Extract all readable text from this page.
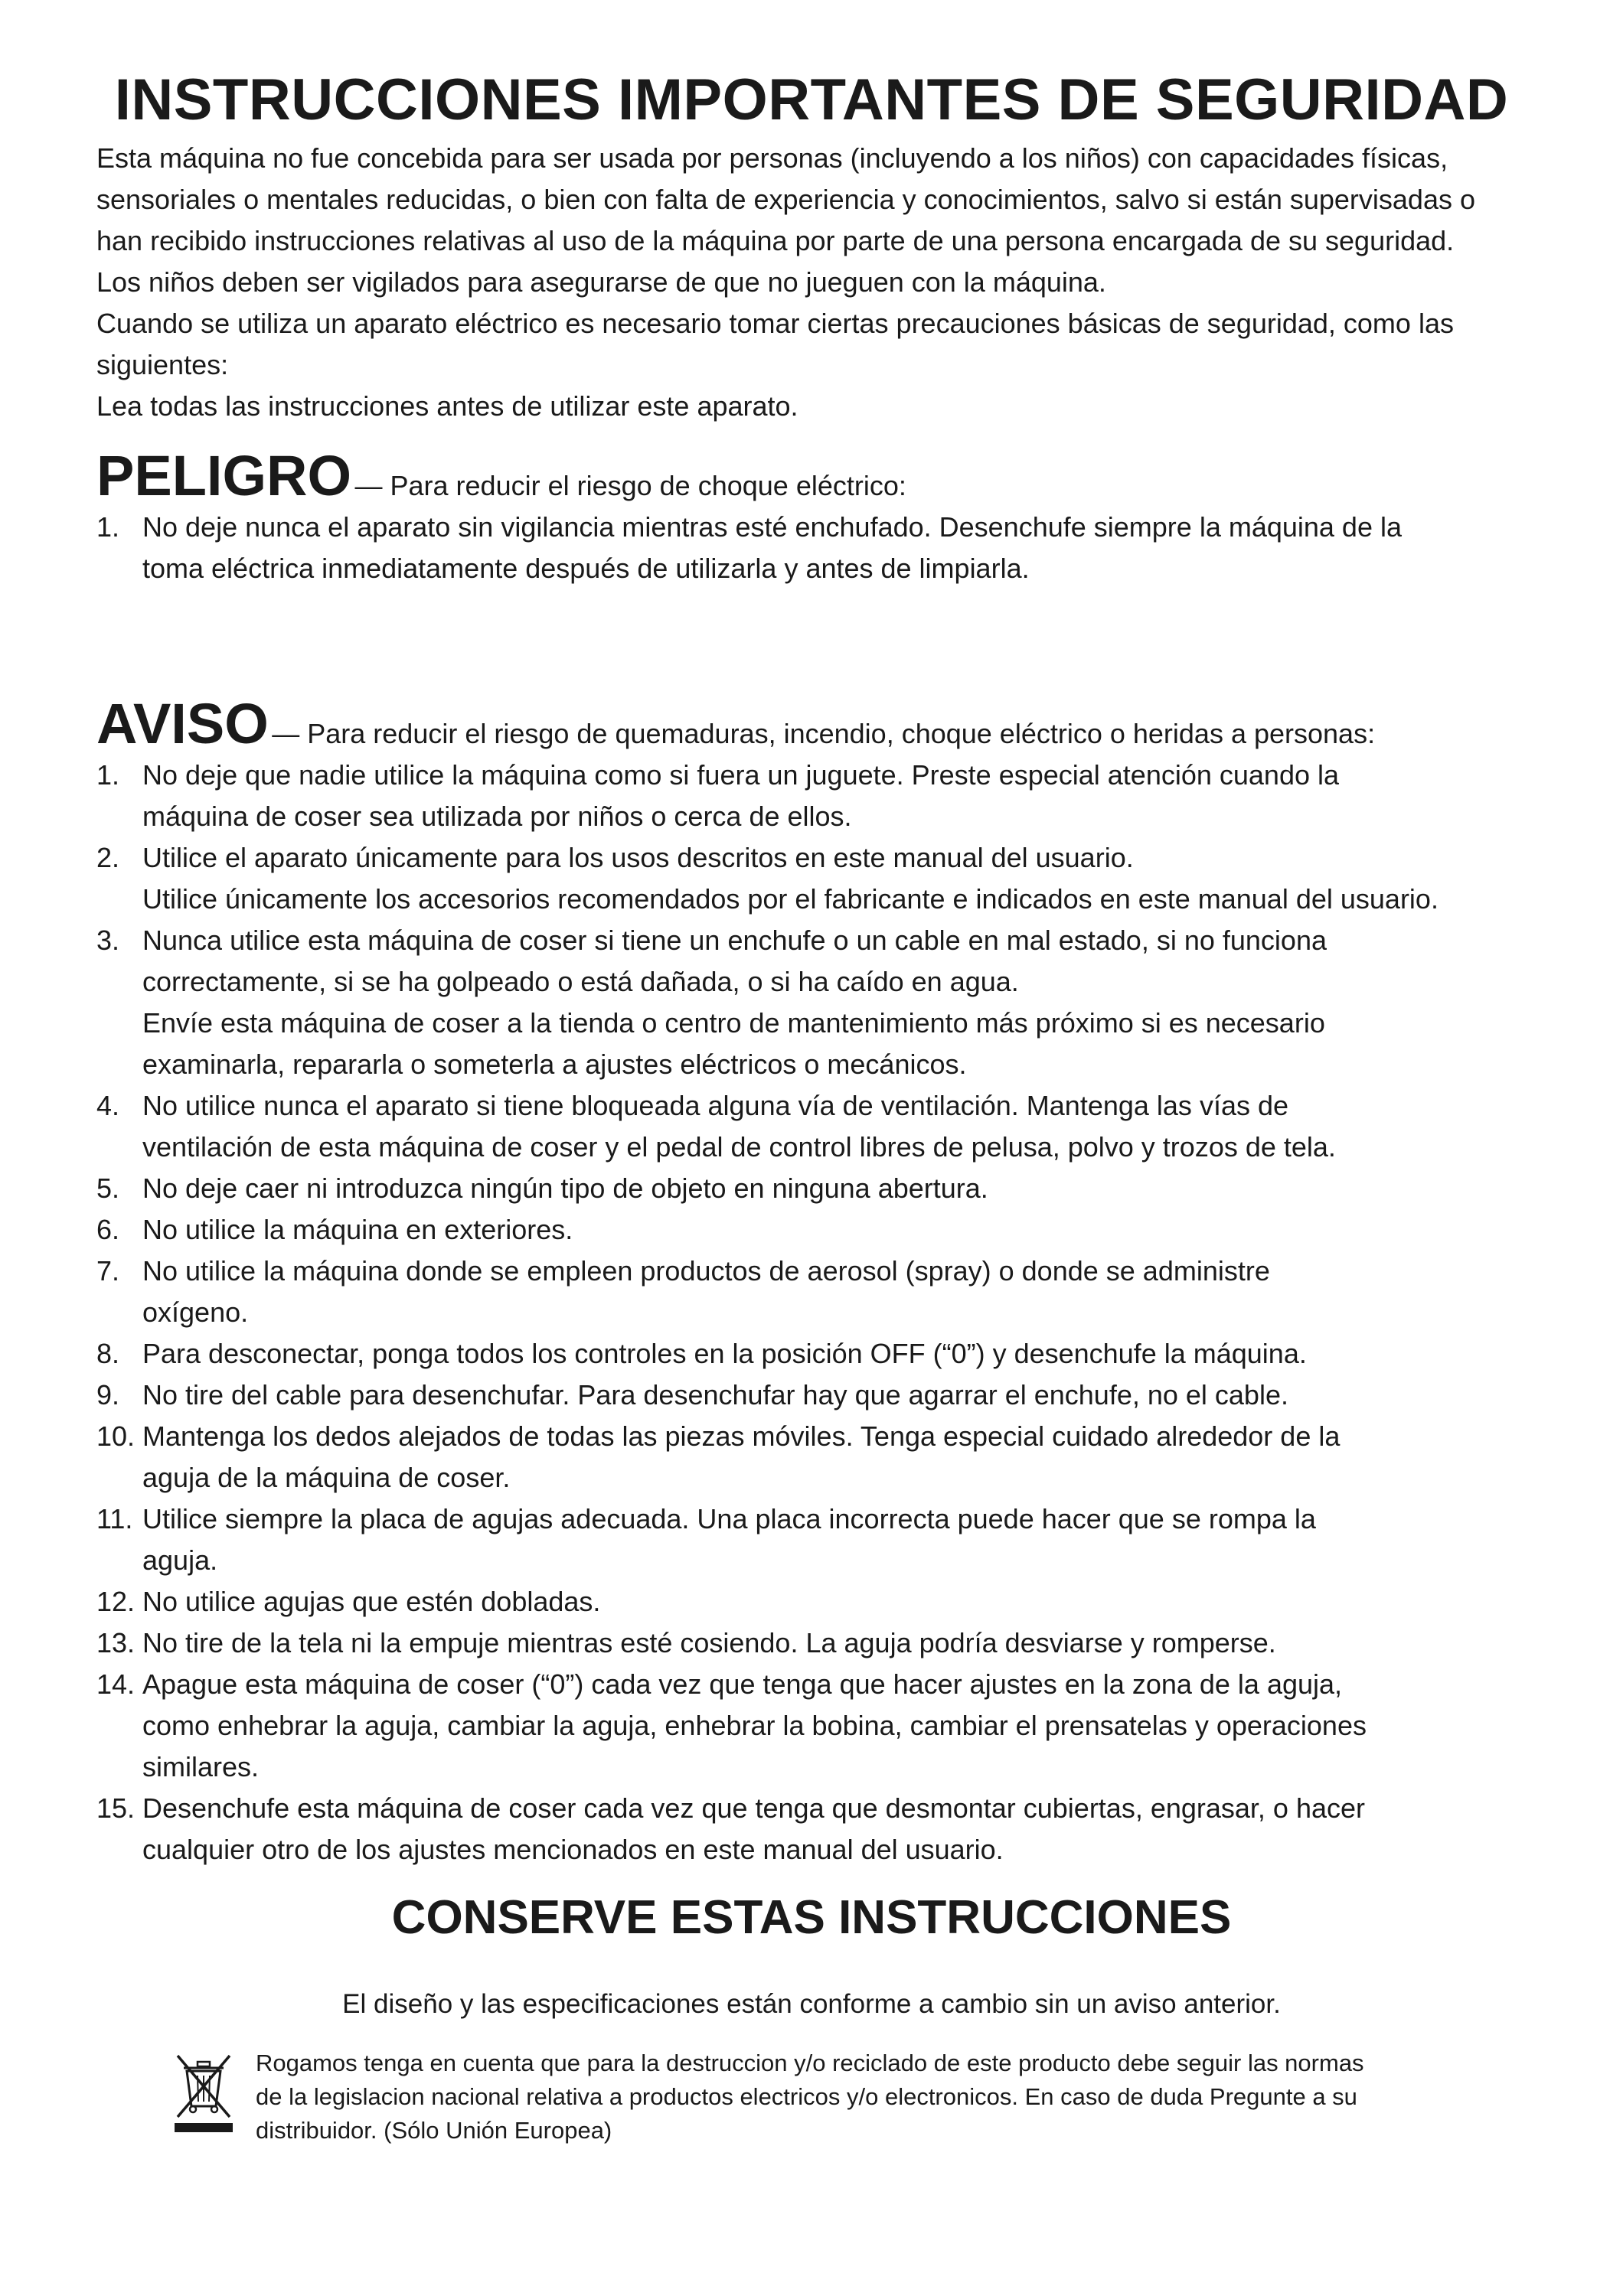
INSTRUCCIONES IMPORTANTES DE SEGURIDAD

Esta máquina no fue concebida para ser usada por personas (incluyendo a los niños) con capacidades físicas,
sensoriales o mentales reducidas, o bien con falta de experiencia y conocimientos, salvo si están supervisadas o
han recibido instrucciones relativas al uso de la máquina por parte de una persona encargada de su seguridad.
Los niños deben ser vigilados para asegurarse de que no jueguen con la máquina.
Cuando se utiliza un aparato eléctrico es necesario tomar ciertas precauciones básicas de seguridad, como las
siguientes:
Lea todas las instrucciones antes de utilizar este aparato.

PELIGRO — Para reducir el riesgo de choque eléctrico:
1. No deje nunca el aparato sin vigilancia mientras esté enchufado. Desenchufe siempre la máquina de la
toma eléctrica inmediatamente después de utilizarla y antes de limpiarla.
AVISO — Para reducir el riesgo de quemaduras, incendio, choque eléctrico o heridas a personas:
1. No deje que nadie utilice la máquina como si fuera un juguete. Preste especial atención cuando la
máquina de coser sea utilizada por niños o cerca de ellos.
2. Utilice el aparato únicamente para los usos descritos en este manual del usuario.
Utilice únicamente los accesorios recomendados por el fabricante e indicados en este manual del usuario.
3. Nunca utilice esta máquina de coser si tiene un enchufe o un cable en mal estado, si no funciona
correctamente, si se ha golpeado o está dañada, o si ha caído en agua.
Envíe esta máquina de coser a la tienda o centro de mantenimiento más próximo si es necesario
examinarla, repararla o someterla a ajustes eléctricos o mecánicos.
4. No utilice nunca el aparato si tiene bloqueada alguna vía de ventilación. Mantenga las vías de
ventilación de esta máquina de coser y el pedal de control libres de pelusa, polvo y trozos de tela.
5. No deje caer ni introduzca ningún tipo de objeto en ninguna abertura.
6. No utilice la máquina en exteriores.
7. No utilice la máquina donde se empleen productos de aerosol (spray) o donde se administre
oxígeno.
8. Para desconectar, ponga todos los controles en la posición OFF (“0”) y desenchufe la máquina.
9. No tire del cable para desenchufar. Para desenchufar hay que agarrar el enchufe, no el cable.
10. Mantenga los dedos alejados de todas las piezas móviles. Tenga especial cuidado alrededor de la
aguja de la máquina de coser.
11. Utilice siempre la placa de agujas adecuada. Una placa incorrecta puede hacer que se rompa la
aguja.
12. No utilice agujas que estén dobladas.
13. No tire de la tela ni la empuje mientras esté cosiendo. La aguja podría desviarse y romperse.
14. Apague esta máquina de coser (“0”) cada vez que tenga que hacer ajustes en la zona de la aguja,
como enhebrar la aguja, cambiar la aguja, enhebrar la bobina, cambiar el prensatelas y operaciones
similares.
15. Desenchufe esta máquina de coser cada vez que tenga que desmontar cubiertas, engrasar, o hacer
cualquier otro de los ajustes mencionados en este manual del usuario.
CONSERVE ESTAS INSTRUCCIONES
El diseño y las especificaciones están conforme a cambio sin un aviso anterior.
Rogamos tenga en cuenta que para la destruccion y/o reciclado de este producto debe seguir las normas
de la legislacion nacional relativa a productos electricos y/o electronicos. En caso de duda Pregunte a su
distribuidor. (Sólo Unión Europea)
